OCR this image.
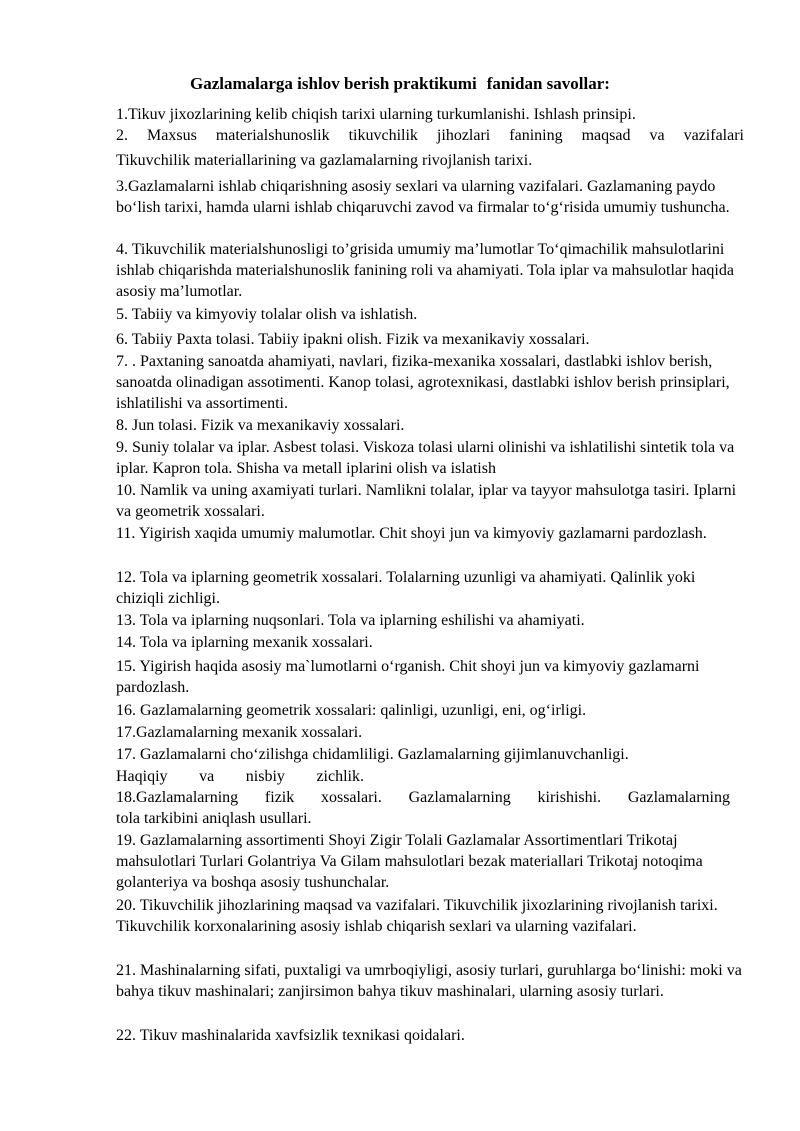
Gazlamalarga ishlov berish praktikumi fanidan savollar:
1.Tikuv jixozlarining kelib chiqish tarixi ularning turkumlanishi. Ishlash prinsipi.
2. Maxsus materialshunoslik tikuvchilik jihozlari fanining maqsad va vazifalari
Tikuvchilik materiallarining va gazlamalarning rivojlanish tarixi.
3.Gazlamalarni ishlab chiqarishning asosiy sexlari va ularning vazifalari. Gazlamaning paydo bo‘lish tarixi, hamda ularni ishlab chiqaruvchi zavod va firmalar to‘g‘risida umumiy tushuncha.
4. Tikuvchilik materialshunosligi to’grisida umumiy ma’lumotlar To‘qimachilik mahsulotlarini ishlab chiqarishda materialshunoslik fanining roli va ahamiyati. Tola iplar va mahsulotlar haqida asosiy ma’lumotlar.
5. Tabiiy va kimyoviy tolalar olish va ishlatish.
6. Tabiiy Paxta tolasi. Tabiiy ipakni olish. Fizik va mexanikaviy xossalari.
7. . Paxtaning sanoatda ahamiyati, navlari, fizika-mexanika xossalari, dastlabki ishlov berish, sanoatda olinadigan assotimenti. Kanop tolasi, agrotexnikasi, dastlabki ishlov berish prinsiplari, ishlatilishi va assortimenti.
8. Jun tolasi. Fizik va mexanikaviy xossalari.
9. Suniy tolalar va iplar. Asbest tolasi. Viskoza tolasi ularni olinishi va ishlatilishi sintetik tola va iplar. Kapron tola. Shisha va metall iplarini olish va islatish
10. Namlik va uning axamiyati turlari. Namlikni tolalar, iplar va tayyor mahsulotga tasiri. Iplarni va geometrik xossalari.
11. Yigirish xaqida umumiy malumotlar. Chit shoyi jun va kimyoviy gazlamarni pardozlash.
12. Tola va iplarning geometrik xossalari. Tolalarning uzunligi va ahamiyati. Qalinlik yoki chiziqli zichligi.
13. Tola va iplarning nuqsonlari. Tola va iplarning eshilishi va ahamiyati.
14. Tola va iplarning mexanik xossalari.
15. Yigirish haqida asosiy ma`lumotlarni o‘rganish. Chit shoyi jun va kimyoviy gazlamarni pardozlash.
16. Gazlamalarning geometrik xossalari: qalinligi, uzunligi, eni, og‘irligi.
17.Gazlamalarning mexanik xossalari.
17. Gazlamalarni cho‘zilishga chidamliligi. Gazlamalarning gijimlanuvchanligi.
Haqiqiy va nisbiy zichlik.
18.Gazlamalarning fizik xossalari. Gazlamalarning kirishishi. Gazlamalarning
tola tarkibini aniqlash usullari.
19. Gazlamalarning assortimenti Shoyi Zigir Tolali Gazlamalar Assortimentlari Trikotaj mahsulotlari Turlari Golantriya Va Gilam mahsulotlari bezak materiallari Trikotaj notoqima golanteriya va boshqa asosiy tushunchalar.
20. Tikuvchilik jihozlarining maqsad va vazifalari. Tikuvchilik jixozlarining rivojlanish tarixi. Tikuvchilik korxonalarining asosiy ishlab chiqarish sexlari va ularning vazifalari.
21. Mashinalarning sifati, puxtaligi va umrboqiyligi, asosiy turlari, guruhlarga bo‘linishi: moki va bahya tikuv mashinalari; zanjirsimon bahya tikuv mashinalari, ularning asosiy turlari.
22. Tikuv mashinalarida xavfsizlik texnikasi qoidalari.
